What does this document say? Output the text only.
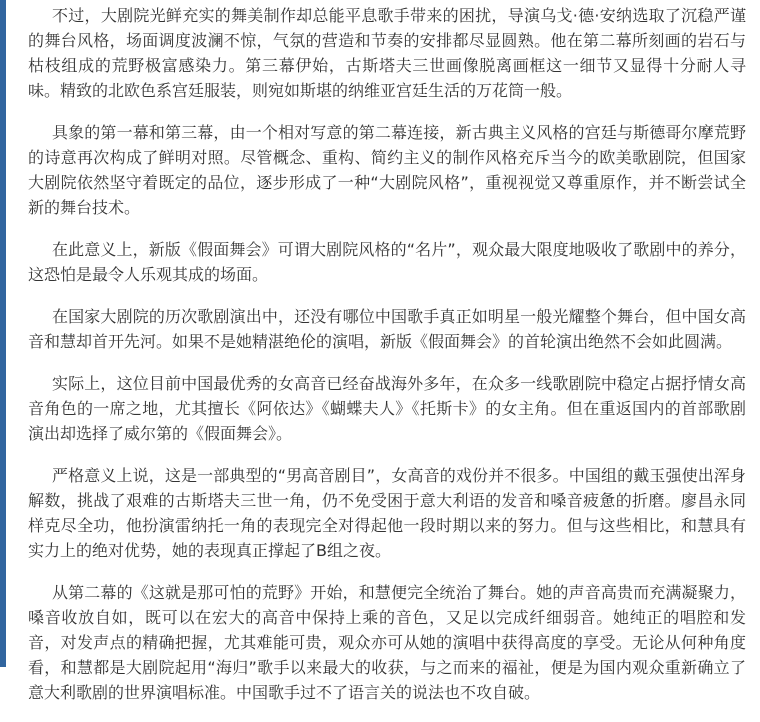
不过，大剧院光鲜充实的舞美制作却总能平息歌手带来的困扰，导演乌戈·德·安纳选取了沉稳严谨的舞台风格，场面调度波澜不惊，气氛的营造和节奏的安排都尽显圆熟。他在第二幕所刻画的岩石与枯枝组成的荒野极富感染力。第三幕伊始，古斯塔夫三世画像脱离画框这一细节又显得十分耐人寻味。精致的北欧色系宫廷服装，则宛如斯堪的纳维亚宫廷生活的万花筒一般。

具象的第一幕和第三幕，由一个相对写意的第二幕连接，新古典主义风格的宫廷与斯德哥尔摩荒野的诗意再次构成了鲜明对照。尽管概念、重构、简约主义的制作风格充斥当今的欧美歌剧院，但国家大剧院依然坚守着既定的品位，逐步形成了一种“大剧院风格”，重视视觉又尊重原作，并不断尝试全新的舞台技术。

在此意义上，新版《假面舞会》可谓大剧院风格的“名片”，观众最大限度地吸收了歌剧中的养分，这恐怕是最令人乐观其成的场面。

在国家大剧院的历次歌剧演出中，还没有哪位中国歌手真正如明星一般光耀整个舞台，但中国女高音和慧却首开先河。如果不是她精湛绝伦的演唱，新版《假面舞会》的首轮演出绝然不会如此圆满。

实际上，这位目前中国最优秀的女高音已经奋战海外多年，在众多一线歌剧院中稳定占据抒情女高音角色的一席之地，尤其擅长《阿依达》《蝴蝶夫人》《托斯卡》的女主角。但在重返国内的首部歌剧演出却选择了威尔第的《假面舞会》。

严格意义上说，这是一部典型的“男高音剧目”，女高音的戏份并不很多。中国组的戴玉强使出浑身解数，挑战了艰难的古斯塔夫三世一角，仍不免受困于意大利语的发音和嗓音疲惫的折磨。廖昌永同样克尽全功，他扮演雷纳托一角的表现完全对得起他一段时期以来的努力。但与这些相比，和慧具有实力上的绝对优势，她的表现真正撑起了B组之夜。

从第二幕的《这就是那可怕的荒野》开始，和慧便完全统治了舞台。她的声音高贵而充满凝聚力，嗓音收放自如，既可以在宏大的高音中保持上乘的音色，又足以完成纤细弱音。她纯正的唱腔和发音，对发声点的精确把握，尤其难能可贵，观众亦可从她的演唱中获得高度的享受。无论从何种角度看，和慧都是大剧院起用“海归”歌手以来最大的收获，与之而来的福祉，便是为国内观众重新确立了意大利歌剧的世界演唱标准。中国歌手过不了语言关的说法也不攻自破。
